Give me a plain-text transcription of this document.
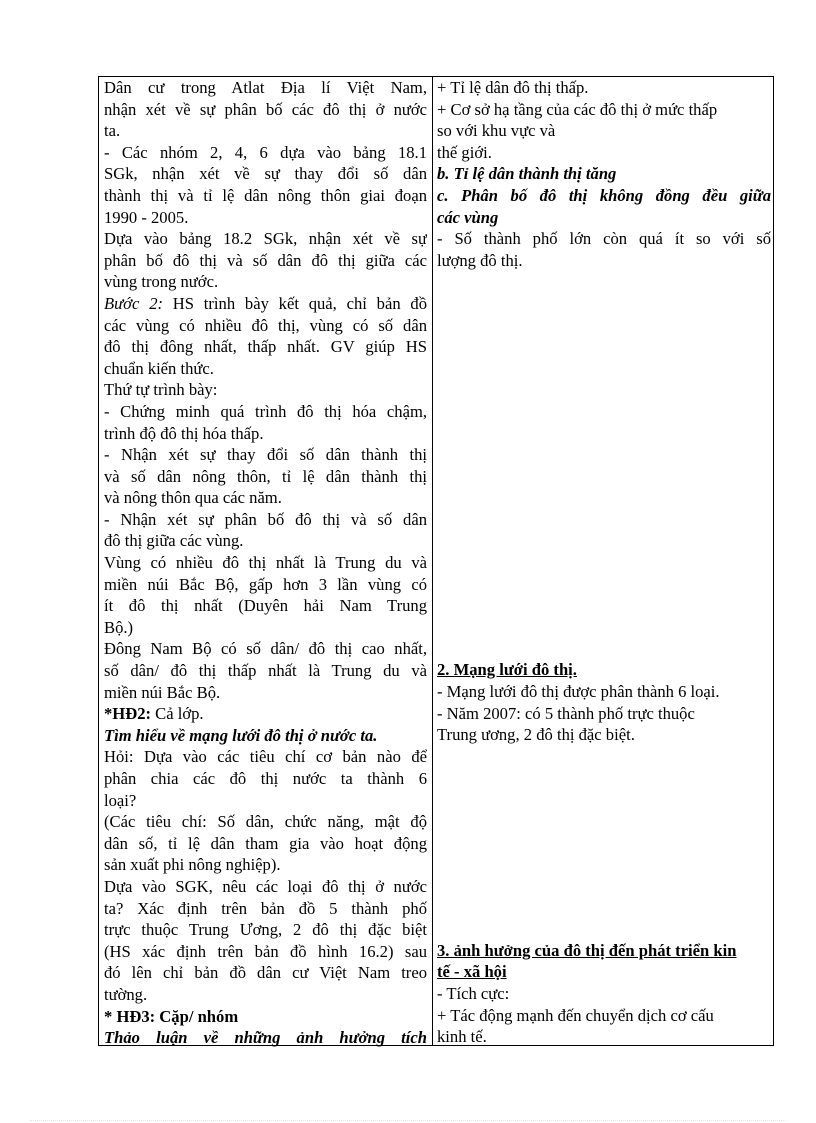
Dân cư trong Atlat Địa lí Việt Nam,
nhận xét về sự phân bố các đô thị ở nước
ta.
- Các nhóm 2, 4, 6 dựa vào bảng 18.1
SGk, nhận xét về sự thay đổi số dân
thành thị và tỉ lệ dân nông thôn giai đoạn
1990 - 2005.
Dựa vào bảng 18.2 SGk, nhận xét về sự
phân bố đô thị và số dân đô thị giữa các
vùng trong nước.
Bước 2: HS trình bày kết quả, chỉ bản đồ
các vùng có nhiều đô thị, vùng có số dân
đô thị đông nhất, thấp nhất. GV giúp HS
chuẩn kiến thức.
Thứ tự trình bày:
- Chứng minh quá trình đô thị hóa chậm,
trình độ đô thị hóa thấp.
- Nhận xét sự thay đổi số dân thành thị
và số dân nông thôn, tỉ lệ dân thành thị
và nông thôn qua các năm.
- Nhận xét sự phân bố đô thị và số dân
đô thị giữa các vùng.
Vùng có nhiều đô thị nhất là Trung du và
miền núi Bắc Bộ, gấp hơn 3 lần vùng có
ít đô thị nhất (Duyên hải Nam Trung
Bộ.)
Đông Nam Bộ có số dân/ đô thị cao nhất,
số dân/ đô thị thấp nhất là Trung du và
miền núi Bắc Bộ.
*HĐ2: Cả lớp.
Tìm hiểu về mạng lưới đô thị ở nước ta.
Hỏi: Dựa vào các tiêu chí cơ bản nào để
phân chia các đô thị nước ta thành 6
loại?
(Các tiêu chí: Số dân, chức năng, mật độ
dân số, tỉ lệ dân tham gia vào hoạt động
sản xuất phi nông nghiệp).
Dựa vào SGK, nêu các loại đô thị ở nước
ta? Xác định trên bản đồ 5 thành phố
trực thuộc Trung Ương, 2 đô thị đặc biệt
(HS xác định trên bản đồ hình 16.2) sau
đó lên chỉ bản đồ dân cư Việt Nam treo
tường.
* HĐ3: Cặp/ nhóm
Thảo luận về những ảnh hưởng tích
+ Tỉ lệ dân đô thị thấp.
+ Cơ sở hạ tầng của các đô thị ở mức thấp
so với khu vực và
thế giới.
b. Tỉ lệ dân thành thị tăng
c. Phân bố đô thị không đồng đều giữa
các vùng
- Số thành phố lớn còn quá ít so với số
lượng đô thị.
2. Mạng lưới đô thị.
- Mạng lưới đô thị được phân thành 6 loại.
- Năm 2007: có 5 thành phố trực thuộc
Trung ương, 2 đô thị đặc biệt.
3. ảnh hưởng của đô thị đến phát triển kin
tế - xã hội
- Tích cực:
+ Tác động mạnh đến chuyển dịch cơ cấu
kinh tế.
